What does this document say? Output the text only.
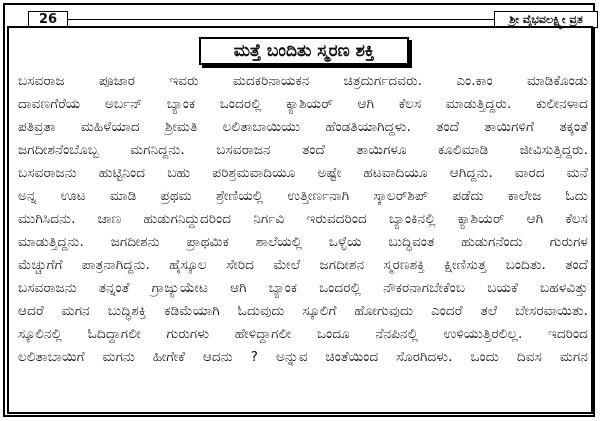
26	ಶ್ರೀ ವೈಭವಲಕ್ಷ್ಮೀ ವ್ರತ
ಮತ್ತೆ ಬಂದಿತು ಸ್ಮರಣ ಶಕ್ತಿ
ಬಸವರಾಜ ಪೂಜಾರ ಇವರು ಮದಕರಿನಾಯಕನ ಚಿತ್ರದುರ್ಗದವರು. ಎಂ.ಕಾಂ ಮಾಡಿಕೊಂಡು
ದಾವಣಗೆರೆಯ ಅರ್ಬನ್ ಬ್ಯಾಂಕ ಒಂದರಲ್ಲಿ ಕ್ಯಾಶಿಯರ್ ಆಗಿ ಕೆಲಸ ಮಾಡುತ್ತಿದ್ದರು. ಕುಲೀನಳಾದ
ಪತಿವ್ರತಾ ಮಹಿಳೆಯಾದ ಶ್ರೀಮತಿ ಲಲಿತಾಬಾಯಿಯು ಹೆಂಡತಿಯಾಗಿದ್ದಳು. ತಂದೆ ತಾಯಿಗಳಿಗೆ ತಕ್ಕಂತೆ
ಜಗದೀಶನೆಂಬೊಬ್ಬ ಮಗನಿದ್ದನು. ಬಸವರಾಜನ ತಂದೆ ತಾಯಿಗಳೂ ಕೂಲಿಮಾಡಿ ಜೀವಿಸುತ್ತಿದ್ದರು.
ಬಸವರಾಜನು ಹುಟ್ಟಿನಿಂದ ಬಹು ಪರಿಶ್ರಮವಾದಿಯೂ ಅಷ್ಟೇ ಹಟವಾದಿಯೂ ಆಗಿದ್ದನು. ವಾರದ ಮನೆ
ಅನ್ನ ಊಟ ಮಾಡಿ ಪ್ರಥಮ ಶ್ರೇಣಿಯಲ್ಲಿ ಉತ್ತೀರ್ಣನಾಗಿ ಸ್ಕಾಲರ್‌ಶಿಪ್ ಪಡೆದು ಕಾಲೇಜ ಓದು
ಮುಗಿಸಿದನು. ಜಾಣ ಹುಡುಗನಿದ್ದುದರಿಂದ ನಿರ್ಗವಿ ಇರುವದರಿಂದ ಬ್ಯಾಂಕಿನಲ್ಲಿ ಕ್ಯಾಶಿಯರ್ ಆಗಿ ಕೆಲಸ
ಮಾಡುತ್ತಿದ್ದನು. ಜಗದೀಶನು ಪ್ರಾಥಮಿಕ ಶಾಲೆಯಲ್ಲಿ ಒಳ್ಳೆಯ ಬುದ್ಧಿವಂತ ಹುಡುಗನೆಂದು ಗುರುಗಳ
ಮೆಚ್ಚುಗೆಗೆ ಪಾತ್ರನಾಗಿದ್ದನು. ಹೈಸ್ಕೂಲ ಸೇರಿದ ಮೇಲೆ ಜಗದೀಶನ ಸ್ಮರಣಶಕ್ತಿ ಕ್ಷೀಣಿಸುತ್ತ ಬಂದಿತು. ತಂದೆ
ಬಸವರಾಜನು ತನ್ನಂತೆ ಗ್ರಾಜ್ಯುಯೇಟ ಆಗಿ ಬ್ಯಾಂಕ ಒಂದರಲ್ಲಿ ನೌಕರನಾಗಬೇಕೆಂಬ ಬಯಕೆ ಬಹಳವಿತ್ತು
ಆದರೆ ಮಗನ ಬುದ್ಧಿಶಕ್ತಿ ಕಡಿಮೆಯಾಗಿ ಓದುವುದು ಸ್ಕೂಲಿಗೆ ಹೋಗುವುದು ಎಂದರೆ ತಲೆ ಬೇಸರವಾಯಿತು.
ಸ್ಕೂಲಿನಲ್ಲಿ ಓದಿದ್ದಾಗಲೀ ಗುರುಗಳು ಹೇಳಿದ್ದಾಗಲೀ ಒಂದೂ ನೆನಪಿನಲ್ಲಿ ಉಳಿಯುತ್ತಿರಲಿಲ್ಲ. ಇದರಿಂದ
ಲಲಿತಾಬಾಯಿಗೆ ಮಗನು ಹೀಗೇಕೆ ಆದನು ? ಅನ್ನುವ ಚಿಂತೆಯಿಂದ ಸೊರಗಿದಳು. ಒಂದು ದಿವಸ ಮಗನ
